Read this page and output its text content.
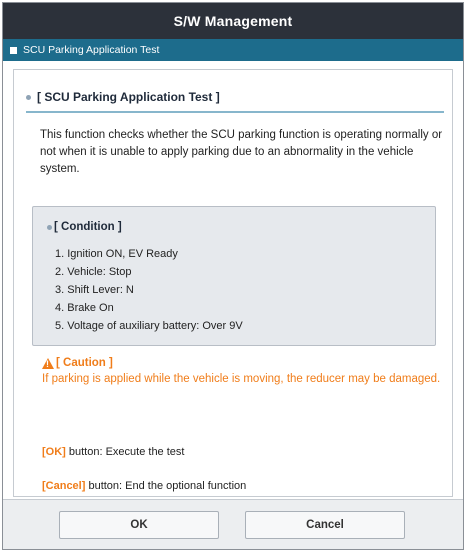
S/W Management
SCU Parking Application Test
[ SCU Parking Application Test ]
This function checks whether the SCU parking function is operating normally or not when it is unable to apply parking due to an abnormality in the vehicle system.
[ Condition ]
1. Ignition ON, EV Ready
2. Vehicle: Stop
3. Shift Lever: N
4. Brake On
5. Voltage of auxiliary battery: Over 9V
!
[ Caution ]
If parking is applied while the vehicle is moving, the reducer may be damaged.
[OK] button: Execute the test
[Cancel] button: End the optional function
OK	Cancel
